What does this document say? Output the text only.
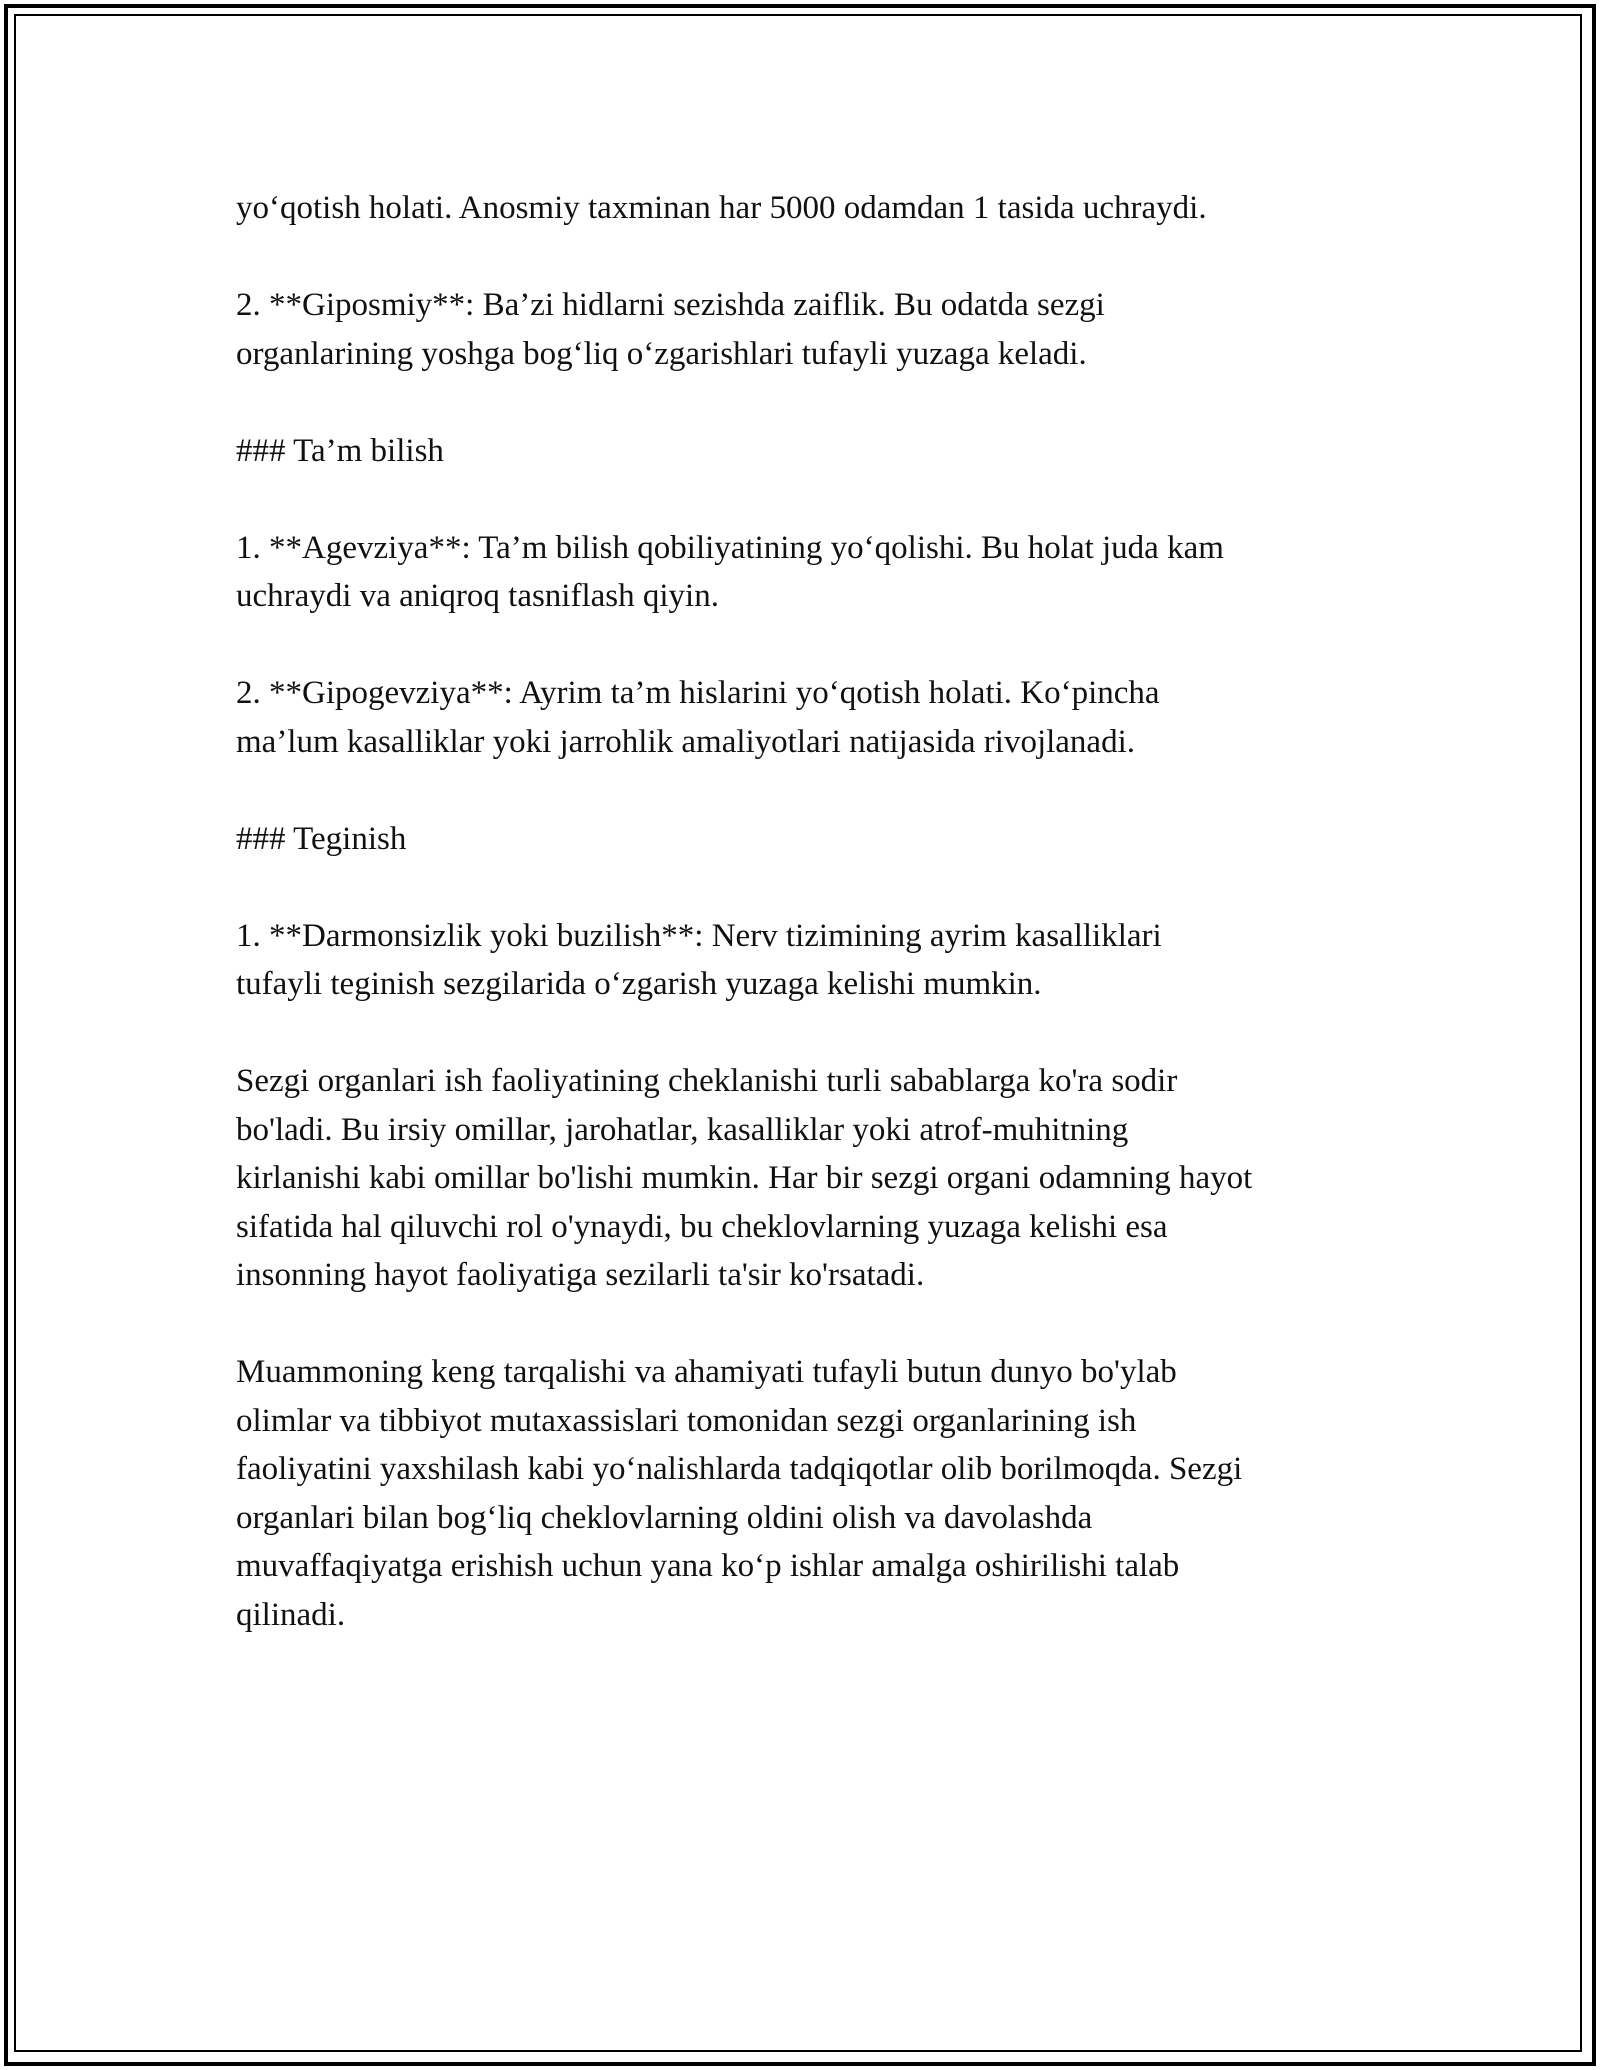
yo‘qotish holati. Anosmiy taxminan har 5000 odamdan 1 tasida uchraydi.

2. **Giposmiy**: Ba’zi hidlarni sezishda zaiflik. Bu odatda sezgi
organlarining yoshga bog‘liq o‘zgarishlari tufayli yuzaga keladi.

### Ta’m bilish

1. **Agevziya**: Ta’m bilish qobiliyatining yo‘qolishi. Bu holat juda kam
uchraydi va aniqroq tasniflash qiyin.

2. **Gipogevziya**: Ayrim ta’m hislarini yo‘qotish holati. Ko‘pincha
ma’lum kasalliklar yoki jarrohlik amaliyotlari natijasida rivojlanadi.

### Teginish

1. **Darmonsizlik yoki buzilish**: Nerv tizimining ayrim kasalliklari
tufayli teginish sezgilarida o‘zgarish yuzaga kelishi mumkin.

Sezgi organlari ish faoliyatining cheklanishi turli sabablarga ko'ra sodir
bo'ladi. Bu irsiy omillar, jarohatlar, kasalliklar yoki atrof-muhitning
kirlanishi kabi omillar bo'lishi mumkin. Har bir sezgi organi odamning hayot
sifatida hal qiluvchi rol o'ynaydi, bu cheklovlarning yuzaga kelishi esa
insonning hayot faoliyatiga sezilarli ta'sir ko'rsatadi.

Muammoning keng tarqalishi va ahamiyati tufayli butun dunyo bo'ylab
olimlar va tibbiyot mutaxassislari tomonidan sezgi organlarining ish
faoliyatini yaxshilash kabi yo‘nalishlarda tadqiqotlar olib borilmoqda. Sezgi
organlari bilan bog‘liq cheklovlarning oldini olish va davolashda
muvaffaqiyatga erishish uchun yana ko‘p ishlar amalga oshirilishi talab
qilinadi.
